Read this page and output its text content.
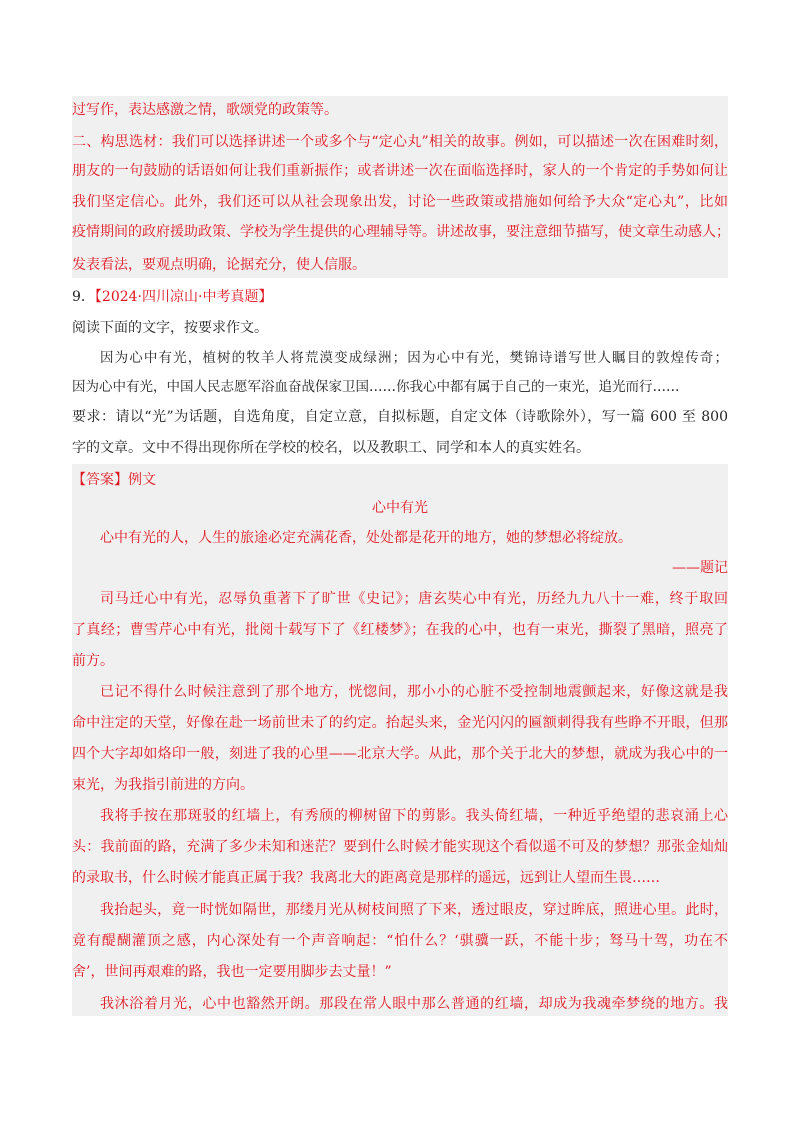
过写作，表达感激之情，歌颂党的政策等。
二、构思选材：我们可以选择讲述一个或多个与“定心丸”相关的故事。例如，可以描述一次在困难时刻，
朋友的一句鼓励的话语如何让我们重新振作；或者讲述一次在面临选择时，家人的一个肯定的手势如何让
我们坚定信心。此外，我们还可以从社会现象出发，讨论一些政策或措施如何给予大众“定心丸”，比如
疫情期间的政府援助政策、学校为学生提供的心理辅导等。讲述故事，要注意细节描写，使文章生动感人；
发表看法，要观点明确，论据充分，使人信服。
9．【2024·四川凉山·中考真题】
阅读下面的文字，按要求作文。
因为心中有光，植树的牧羊人将荒漠变成绿洲；因为心中有光，樊锦诗谱写世人瞩目的敦煌传奇；
因为心中有光，中国人民志愿军浴血奋战保家卫国……你我心中都有属于自己的一束光，追光而行……
要求：请以“光”为话题，自选角度，自定立意，自拟标题，自定文体（诗歌除外），写一篇 600 至 800
字的文章。文中不得出现你所在学校的校名，以及教职工、同学和本人的真实姓名。
【答案】例文
心中有光
心中有光的人，人生的旅途必定充满花香，处处都是花开的地方，她的梦想必将绽放。
——题记
司马迁心中有光，忍辱负重著下了旷世《史记》；唐玄奘心中有光，历经九九八十一难，终于取回
了真经；曹雪芹心中有光，批阅十载写下了《红楼梦》；在我的心中，也有一束光，撕裂了黑暗，照亮了
前方。
已记不得什么时候注意到了那个地方，恍惚间，那小小的心脏不受控制地震颤起来，好像这就是我
命中注定的天堂，好像在赴一场前世未了的约定。抬起头来，金光闪闪的匾额刺得我有些睁不开眼，但那
四个大字却如烙印一般，刻进了我的心里——北京大学。从此，那个关于北大的梦想，就成为我心中的一
束光，为我指引前进的方向。
我将手按在那斑驳的红墙上，有秀颀的柳树留下的剪影。我头倚红墙，一种近乎绝望的悲哀涌上心
头：我前面的路，充满了多少未知和迷茫？要到什么时候才能实现这个看似遥不可及的梦想？那张金灿灿
的录取书，什么时候才能真正属于我？我离北大的距离竟是那样的遥远，远到让人望而生畏……
我抬起头，竟一时恍如隔世，那缕月光从树枝间照了下来，透过眼皮，穿过眸底，照进心里。此时，
竟有醍醐灌顶之感，内心深处有一个声音响起：“怕什么？‘骐骥一跃，不能十步；驽马十驾，功在不
舍’，世间再艰难的路，我也一定要用脚步去丈量！”
我沐浴着月光，心中也豁然开朗。那段在常人眼中那么普通的红墙，却成为我魂牵梦绕的地方。我
